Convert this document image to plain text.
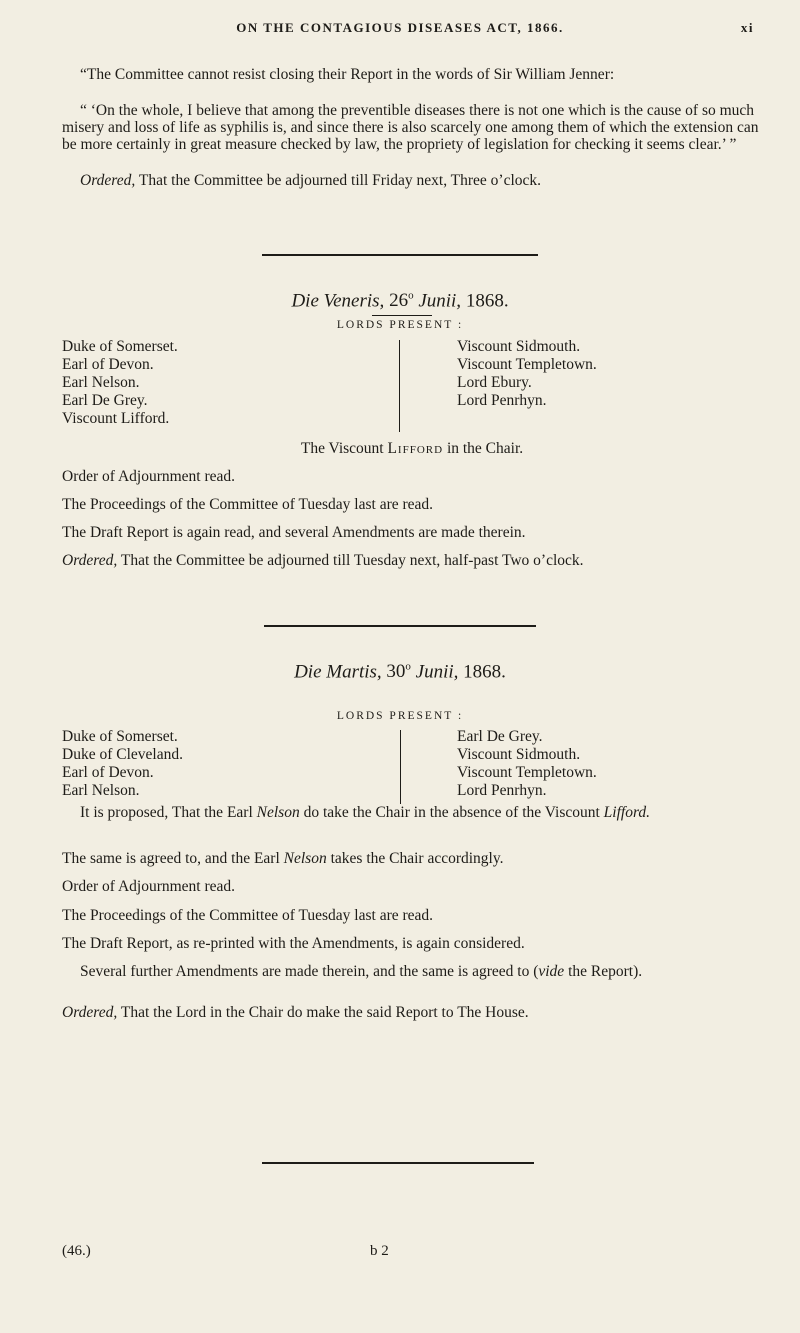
ON THE CONTAGIOUS DISEASES ACT, 1866.	xi

“The Committee cannot resist closing their Report in the words of Sir William Jenner:

“ ‘On the whole, I believe that among the preventible diseases there is not one which is the cause of so much misery and loss of life as syphilis is, and since there is also scarcely one among them of which the extension can be more certainly in great measure checked by law, the propriety of legislation for checking it seems clear.’ ”

Ordered, That the Committee be adjourned till Friday next, Three o’clock.

Die Veneris, 26$^o$ Junii, 1868.
LORDS PRESENT :
Duke of Somerset.
Earl of Devon.
Earl Nelson.
Earl De Grey.
Viscount Lifford.
Viscount Sidmouth.
Viscount Templetown.
Lord Ebury.
Lord Penrhyn.

The Viscount Lifford in the Chair.

Order of Adjournment read.

The Proceedings of the Committee of Tuesday last are read.

The Draft Report is again read, and several Amendments are made therein.

Ordered, That the Committee be adjourned till Tuesday next, half-past Two o’clock.

Die Martis, 30$^o$ Junii, 1868.
LORDS PRESENT :
Duke of Somerset.
Duke of Cleveland.
Earl of Devon.
Earl Nelson.
Earl De Grey.
Viscount Sidmouth.
Viscount Templetown.
Lord Penrhyn.

It is proposed, That the Earl Nelson do take the Chair in the absence of the Viscount Lifford.

The same is agreed to, and the Earl Nelson takes the Chair accordingly.

Order of Adjournment read.

The Proceedings of the Committee of Tuesday last are read.

The Draft Report, as re-printed with the Amendments, is again considered.

Several further Amendments are made therein, and the same is agreed to (vide the Report).

Ordered, That the Lord in the Chair do make the said Report to The House.

(46.)	b 2
